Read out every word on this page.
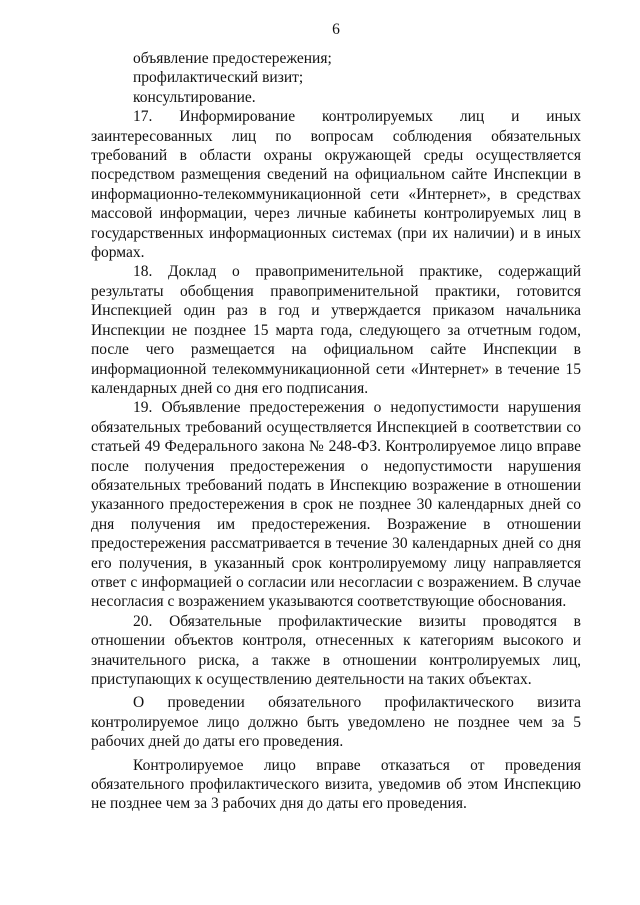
6

объявление предостережения;

профилактический визит;

консультирование.

17. Информирование контролируемых лиц и иных заинтересованных лиц по вопросам соблюдения обязательных требований в области охраны окружающей среды осуществляется посредством размещения сведений на официальном сайте Инспекции в информационно-телекоммуникационной сети «Интернет», в средствах массовой информации, через личные кабинеты контролируемых лиц в государственных информационных системах (при их наличии) и в иных формах.

18. Доклад о правоприменительной практике, содержащий результаты обобщения правоприменительной практики, готовится Инспекцией один раз в год и утверждается приказом начальника Инспекции не позднее 15 марта года, следующего за отчетным годом, после чего размещается на официальном сайте Инспекции в информационной телекоммуникационной сети «Интернет» в течение 15 календарных дней со дня его подписания.

19. Объявление предостережения о недопустимости нарушения обязательных требований осуществляется Инспекцией в соответствии со статьей 49 Федерального закона № 248-ФЗ. Контролируемое лицо вправе после получения предостережения о недопустимости нарушения обязательных требований подать в Инспекцию возражение в отношении указанного предостережения в срок не позднее 30 календарных дней со дня получения им предостережения. Возражение в отношении предостережения рассматривается в течение 30 календарных дней со дня его получения, в указанный срок контролируемому лицу направляется ответ с информацией о согласии или несогласии с возражением. В случае несогласия с возражением указываются соответствующие обоснования.

20. Обязательные профилактические визиты проводятся в отношении объектов контроля, отнесенных к категориям высокого и значительного риска, а также в отношении контролируемых лиц, приступающих к осуществлению деятельности на таких объектах.

О проведении обязательного профилактического визита контролируемое лицо должно быть уведомлено не позднее чем за 5 рабочих дней до даты его проведения.

Контролируемое лицо вправе отказаться от проведения обязательного профилактического визита, уведомив об этом Инспекцию не позднее чем за 3 рабочих дня до даты его проведения.
